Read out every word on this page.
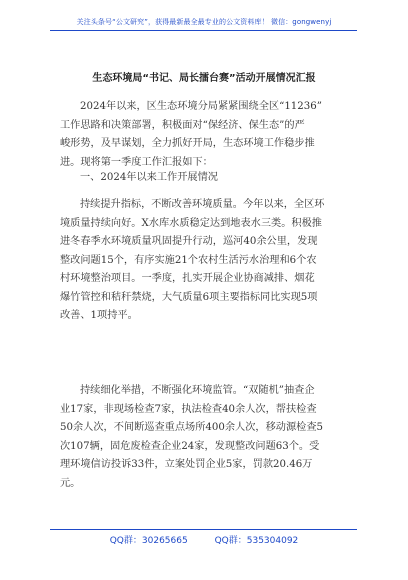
关注头条号“公文研究”，获得最新最全最专业的公文资料库！ 微信：gongwenyj
生态环境局“书记、局长擂台赛”活动开展情况汇报
2024年以来，区生态环境分局紧紧围绕全区“11236”
工作思路和决策部署，积极面对“保经济、保生态”的严
峻形势，及早谋划，全力抓好开局，生态环境工作稳步推
进。现将第一季度工作汇报如下：
一、2024年以来工作开展情况
持续提升指标，不断改善环境质量。今年以来，全区环
境质量持续向好。X水库水质稳定达到地表水三类。积极推
进冬春季水环境质量巩固提升行动，巡河40余公里，发现
整改问题15个，有序实施21个农村生活污水治理和6个农
村环境整治项目。一季度，扎实开展企业协商减排、烟花
爆竹管控和秸秆禁烧，大气质量6项主要指标同比实现5项
改善、1项持平。
持续细化举措，不断强化环境监管。“双随机”抽查企
业17家，非现场检查7家，执法检查40余人次，帮扶检查
50余人次，不间断巡查重点场所400余人次，移动源检查5
次107辆，固危废检查企业24家，发现整改问题63个。受
理环境信访投诉33件，立案处罚企业5家，罚款20.46万
元。
QQ群：30265665	QQ群：535304092
